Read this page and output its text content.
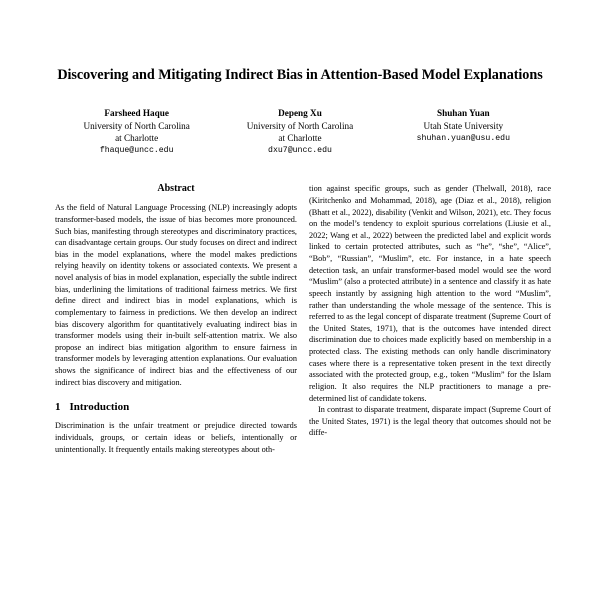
Discovering and Mitigating Indirect Bias in Attention-Based Model Explanations
Farsheed Haque
University of North Carolina
at Charlotte
fhaque@uncc.edu
Depeng Xu
University of North Carolina
at Charlotte
dxu7@uncc.edu
Shuhan Yuan
Utah State University
shuhan.yuan@usu.edu
Abstract

As the field of Natural Language Processing (NLP) increasingly adopts transformer-based models, the issue of bias becomes more pronounced. Such bias, manifesting through stereotypes and discriminatory practices, can disadvantage certain groups. Our study focuses on direct and indirect bias in the model explanations, where the model makes predictions relying heavily on identity tokens or associated contexts. We present a novel analysis of bias in model explanation, especially the subtle indirect bias, underlining the limitations of traditional fairness metrics. We first define direct and indirect bias in model explanations, which is complementary to fairness in predictions. We then develop an indirect bias discovery algorithm for quantitatively evaluating indirect bias in transformer models using their in-built self-attention matrix. We also propose an indirect bias mitigation algorithm to ensure fairness in transformer models by leveraging attention explanations. Our evaluation shows the significance of indirect bias and the effectiveness of our indirect bias discovery and mitigation.

1 Introduction

Discrimination is the unfair treatment or prejudice directed towards individuals, groups, or certain ideas or beliefs, intentionally or unintentionally. It frequently entails making stereotypes about oth-

tion against specific groups, such as gender (Thelwall, 2018), race (Kiritchenko and Mohammad, 2018), age (Diaz et al., 2018), religion (Bhatt et al., 2022), disability (Venkit and Wilson, 2021), etc. They focus on the model’s tendency to exploit spurious correlations (Liusie et al., 2022; Wang et al., 2022) between the predicted label and explicit words linked to certain protected attributes, such as “he”, “she”, “Alice”, “Bob”, “Russian”, “Muslim”, etc. For instance, in a hate speech detection task, an unfair transformer-based model would see the word “Muslim” (also a protected attribute) in a sentence and classify it as hate speech instantly by assigning high attention to the word “Muslim”, rather than understanding the whole message of the sentence. This is referred to as the legal concept of disparate treatment (Supreme Court of the United States, 1971), that is the outcomes have intended direct discrimination due to choices made explicitly based on membership in a protected class. The existing methods can only handle discriminatory cases where there is a representative token present in the text directly associated with the protected group, e.g., token “Muslim” for the Islam religion. It also requires the NLP practitioners to manage a pre-determined list of candidate tokens.

In contrast to disparate treatment, disparate impact (Supreme Court of the United States, 1971) is the legal theory that outcomes should not be diffe-
